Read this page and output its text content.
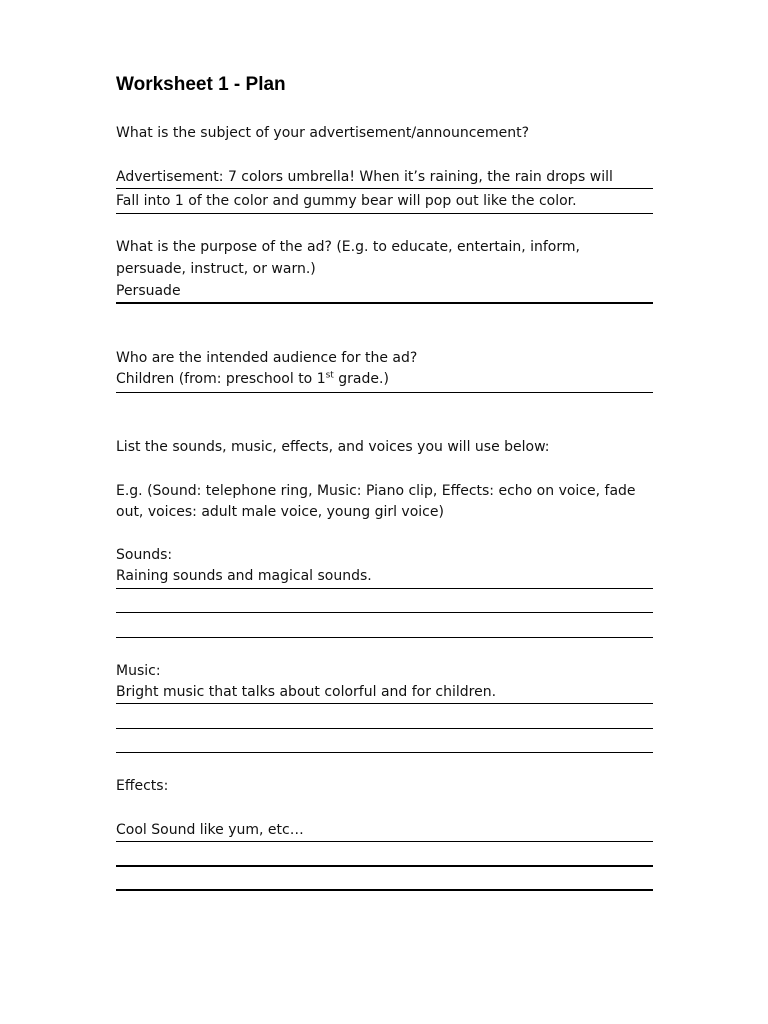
Worksheet 1 - Plan
What is the subject of your advertisement/announcement?
Advertisement: 7 colors umbrella! When it’s raining, the rain drops will
Fall into 1 of the color and gummy bear will pop out like the color.
What is the purpose of the ad? (E.g. to educate, entertain, inform,
persuade, instruct, or warn.)
Persuade
Who are the intended audience for the ad?
Children (from: preschool to 1st grade.)
List the sounds, music, effects, and voices you will use below:
E.g. (Sound: telephone ring, Music: Piano clip, Effects: echo on voice, fade
out, voices: adult male voice, young girl voice)
Sounds:
Raining sounds and magical sounds.
Music:
Bright music that talks about colorful and for children.
Effects:
Cool Sound like yum, etc…
